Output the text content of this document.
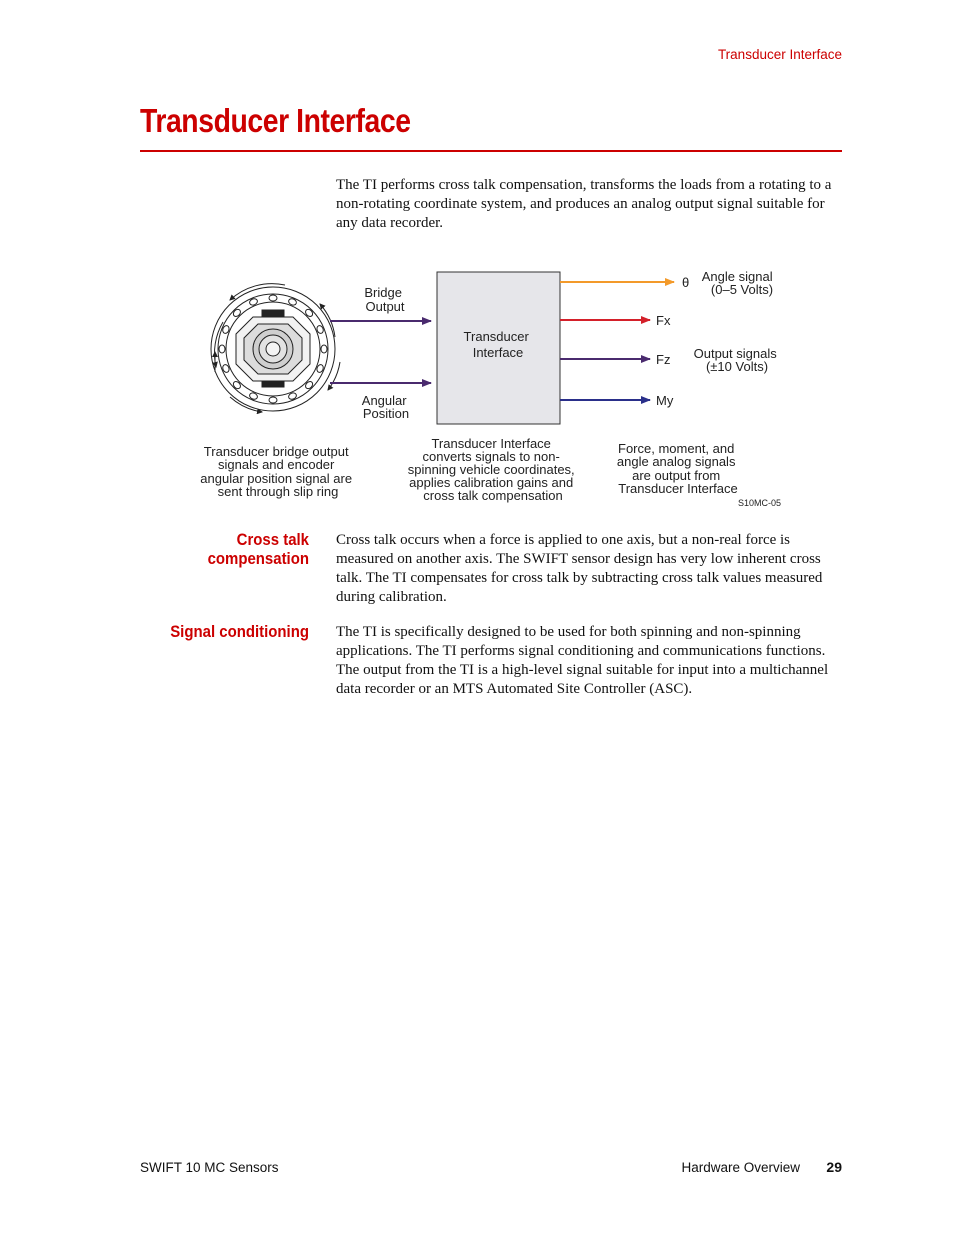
Transducer Interface
Transducer Interface

The TI performs cross talk compensation, transforms the loads from a rotating to a non-rotating coordinate system, and produces an analog output signal suitable for any data recorder.

Bridge Output
Angular Position
Transducer Interface
θ
Fx
Fz
My
Angle signal (0–5 Volts)
Output signals (±10 Volts)
Transducer bridge output signals and encoder angular position signal are sent through slip ring
Transducer Interface converts signals to non- spinning vehicle coordinates, applies calibration gains and cross talk compensation
Force, moment, and angle analog signals are output from Transducer Interface
S10MC-05
Cross talk
compensation

Cross talk occurs when a force is applied to one axis, but a non-real force is measured on another axis. The SWIFT sensor design has very low inherent cross talk. The TI compensates for cross talk by subtracting cross talk values measured during calibration.

Signal conditioning The TI is specifically designed to be used for both spinning and non-spinning applications. The TI performs signal conditioning and communications functions. The output from the TI is a high-level signal suitable for input into a multichannel data recorder or an MTS Automated Site Controller (ASC).

SWIFT 10 MC Sensors	Hardware Overview 29
